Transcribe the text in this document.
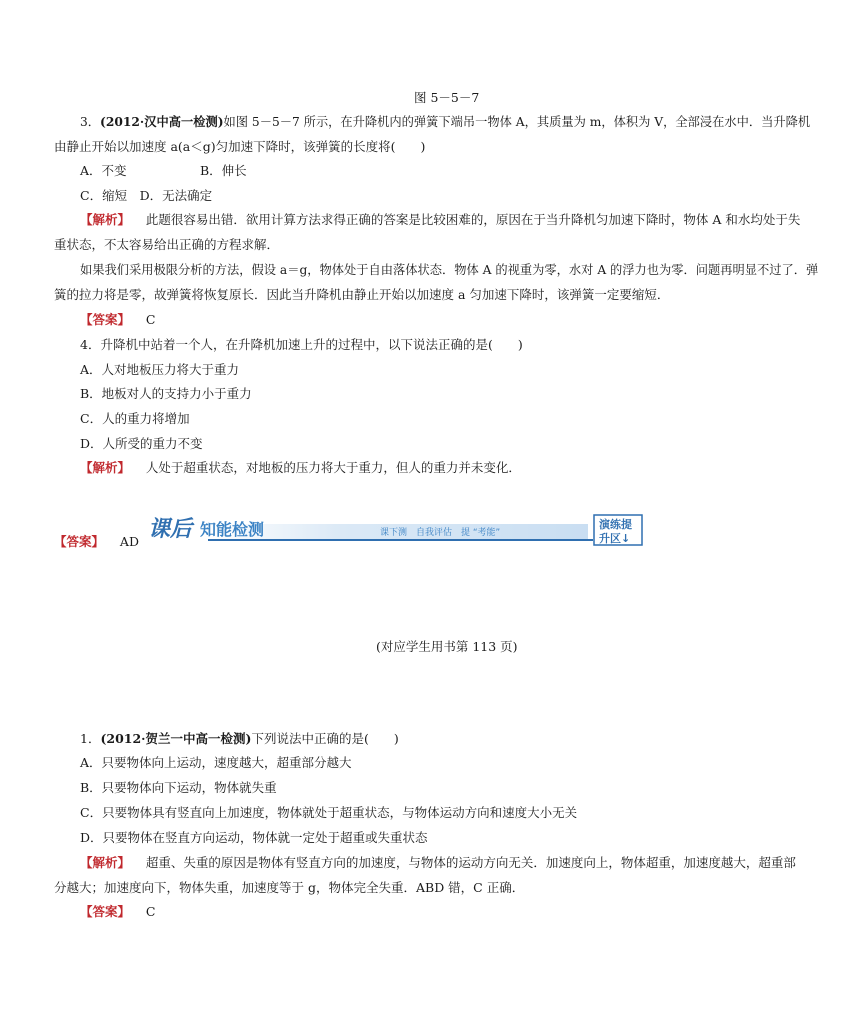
图 5－5－7
3．(2012·汉中高一检测)如图 5－5－7 所示，在升降机内的弹簧下端吊一物体 A，其质量为 m，体积为 V，全部浸在水中．当升降机
由静止开始以加速度 a(a＜g)匀加速下降时，该弹簧的长度将(　　)
A．不变	B．伸长
C．缩短　D．无法确定
【解析】 此题很容易出错．欲用计算方法求得正确的答案是比较困难的，原因在于当升降机匀加速下降时，物体 A 和水均处于失
重状态，不太容易给出正确的方程求解．
如果我们采用极限分析的方法，假设 a＝g，物体处于自由落体状态．物体 A 的视重为零，水对 A 的浮力也为零．问题再明显不过了．弹
簧的拉力将是零，故弹簧将恢复原长．因此当升降机由静止开始以加速度 a 匀加速下降时，该弹簧一定要缩短．
【答案】 C
4．升降机中站着一个人，在升降机加速上升的过程中，以下说法正确的是(　　)
A．人对地板压力将大于重力
B．地板对人的支持力小于重力
C．人的重力将增加
D．人所受的重力不变
【解析】 人处于超重状态，对地板的压力将大于重力，但人的重力并未变化．
【答案】 AD 课后 知能检测	课下测　自我评估　提 “考能”
演练提
升区↓
(对应学生用书第 113 页)
1．(2012·贺兰一中高一检测)下列说法中正确的是(　　)
A．只要物体向上运动，速度越大，超重部分越大
B．只要物体向下运动，物体就失重
C．只要物体具有竖直向上加速度，物体就处于超重状态，与物体运动方向和速度大小无关
D．只要物体在竖直方向运动，物体就一定处于超重或失重状态
【解析】 超重、失重的原因是物体有竖直方向的加速度，与物体的运动方向无关．加速度向上，物体超重，加速度越大，超重部
分越大；加速度向下，物体失重，加速度等于 g，物体完全失重．ABD 错，C 正确．
【答案】 C
